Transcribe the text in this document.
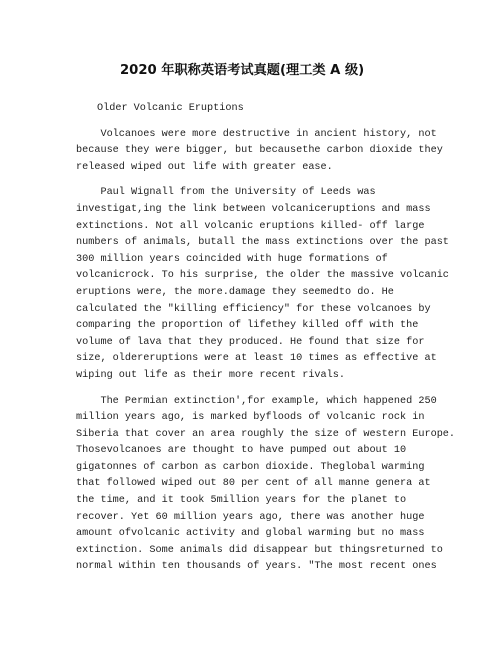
2020 年职称英语考试真题(理工类 A 级)
Older Volcanic Eruptions
Volcanoes were more destructive in ancient history, not
because they were bigger, but becausethe carbon dioxide they
released wiped out life with greater ease.
Paul Wignall from the University of Leeds was
investigat,ing the link between volcaniceruptions and mass
extinctions. Not all volcanic eruptions killed- off large
numbers of animals, butall the mass extinctions over the past
300 million years coincided with huge formations of
volcanicrock. To his surprise, the older the massive volcanic
eruptions were, the more.damage they seemedto do. He
calculated the "killing efficiency" for these volcanoes by
comparing the proportion of lifethey killed off with the
volume of lava that they produced. He found that size for
size, oldereruptions were at least 10 times as effective at
wiping out life as their more recent rivals.
The Permian extinction',for example, which happened 250
million years ago, is marked byfloods of volcanic rock in
Siberia that cover an area roughly the size of western Europe.
Thosevolcanoes are thought to have pumped out about 10
gigatonnes of carbon as carbon dioxide. Theglobal warming
that followed wiped out 80 per cent of all manne genera at
the time, and it took 5million years for the planet to
recover. Yet 60 million years ago, there was another huge
amount ofvolcanic activity and global warming but no mass
extinction. Some animals did disappear but thingsreturned to
normal within ten thousands of years. "The most recent ones
